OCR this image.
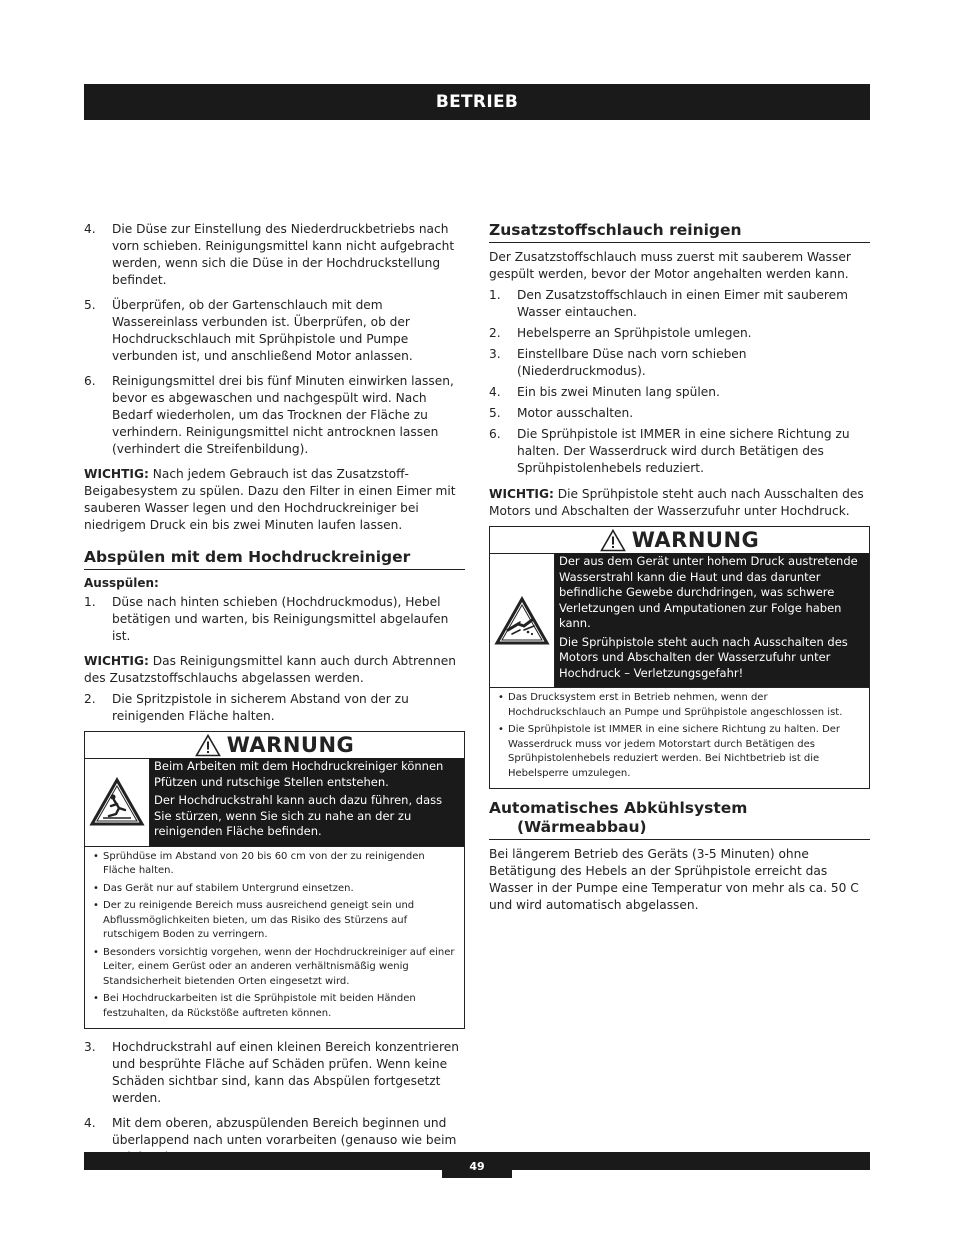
BETRIEB
4.	Die Düse zur Einstellung des Niederdruckbetriebs nach vorn schieben. Reinigungsmittel kann nicht aufgebracht werden, wenn sich die Düse in der Hochdruckstellung befindet.
5.	Überprüfen, ob der Gartenschlauch mit dem Wassereinlass verbunden ist. Überprüfen, ob der Hochdruckschlauch mit Sprühpistole und Pumpe verbunden ist, und anschließend Motor anlassen.
6.	Reinigungsmittel drei bis fünf Minuten einwirken lassen, bevor es abgewaschen und nachgespült wird. Nach Bedarf wiederholen, um das Trocknen der Fläche zu verhindern. Reinigungsmittel nicht antrocknen lassen (verhindert die Streifenbildung).

WICHTIG: Nach jedem Gebrauch ist das Zusatzstoff-Beigabesystem zu spülen. Dazu den Filter in einen Eimer mit sauberen Wasser legen und den Hochdruckreiniger bei niedrigem Druck ein bis zwei Minuten laufen lassen.

Abspülen mit dem Hochdruckreiniger
Ausspülen:
1.	Düse nach hinten schieben (Hochdruckmodus), Hebel betätigen und warten, bis Reinigungsmittel abgelaufen ist.

WICHTIG: Das Reinigungsmittel kann auch durch Abtrennen des Zusatzstoffschlauchs abgelassen werden.

2.	Die Spritzpistole in sicherem Abstand von der zu reinigenden Fläche halten.
WARNUNG
Beim Arbeiten mit dem Hochdruckreiniger können Pfützen und rutschige Stellen entstehen.
Der Hochdruckstrahl kann auch dazu führen, dass Sie stürzen, wenn Sie sich zu nahe an der zu reinigenden Fläche befinden.
• Sprühdüse im Abstand von 20 bis 60 cm von der zu reinigenden Fläche halten.
• Das Gerät nur auf stabilem Untergrund einsetzen.
• Der zu reinigende Bereich muss ausreichend geneigt sein und Abflussmöglichkeiten bieten, um das Risiko des Stürzens auf rutschigem Boden zu verringern.
• Besonders vorsichtig vorgehen, wenn der Hochdruckreiniger auf einer Leiter, einem Gerüst oder an anderen verhältnismäßig wenig Standsicherheit bietenden Orten eingesetzt wird.
• Bei Hochdruckarbeiten ist die Sprühpistole mit beiden Händen festzuhalten, da Rückstöße auftreten können.
3.	Hochdruckstrahl auf einen kleinen Bereich konzentrieren und besprühte Fläche auf Schäden prüfen. Wenn keine Schäden sichtbar sind, kann das Abspülen fortgesetzt werden.
4.	Mit dem oberen, abzuspülenden Bereich beginnen und überlappend nach unten vorarbeiten (genauso wie beim
Zusatzstoffschlauch reinigen

Der Zusatzstoffschlauch muss zuerst mit sauberem Wasser gespült werden, bevor der Motor angehalten werden kann.

1.	Den Zusatzstoffschlauch in einen Eimer mit sauberem Wasser eintauchen.
2.	Hebelsperre an Sprühpistole umlegen.
3.	Einstellbare Düse nach vorn schieben (Niederdruckmodus).
4.	Ein bis zwei Minuten lang spülen.
5.	Motor ausschalten.
6.	Die Sprühpistole ist IMMER in eine sichere Richtung zu halten. Der Wasserdruck wird durch Betätigen des Sprühpistolenhebels reduziert.

WICHTIG: Die Sprühpistole steht auch nach Ausschalten des Motors und Abschalten der Wasserzufuhr unter Hochdruck.

WARNUNG
Der aus dem Gerät unter hohem Druck austretende Wasserstrahl kann die Haut und das darunter befindliche Gewebe durchdringen, was schwere Verletzungen und Amputationen zur Folge haben kann.
Die Sprühpistole steht auch nach Ausschalten des Motors und Abschalten der Wasserzufuhr unter Hochdruck – Verletzungsgefahr!
• Das Drucksystem erst in Betrieb nehmen, wenn der Hochdruckschlauch an Pumpe und Sprühpistole angeschlossen ist.
• Die Sprühpistole ist IMMER in eine sichere Richtung zu halten. Der Wasserdruck muss vor jedem Motorstart durch Betätigen des Sprühpistolenhebels reduziert werden. Bei Nichtbetrieb ist die Hebelsperre umzulegen.
Automatisches Abkühlsystem
(Wärmeabbau)

Bei längerem Betrieb des Geräts (3-5 Minuten) ohne Betätigung des Hebels an der Sprühpistole erreicht das Wasser in der Pumpe eine Temperatur von mehr als ca. 50 C und wird automatisch abgelassen.

49
